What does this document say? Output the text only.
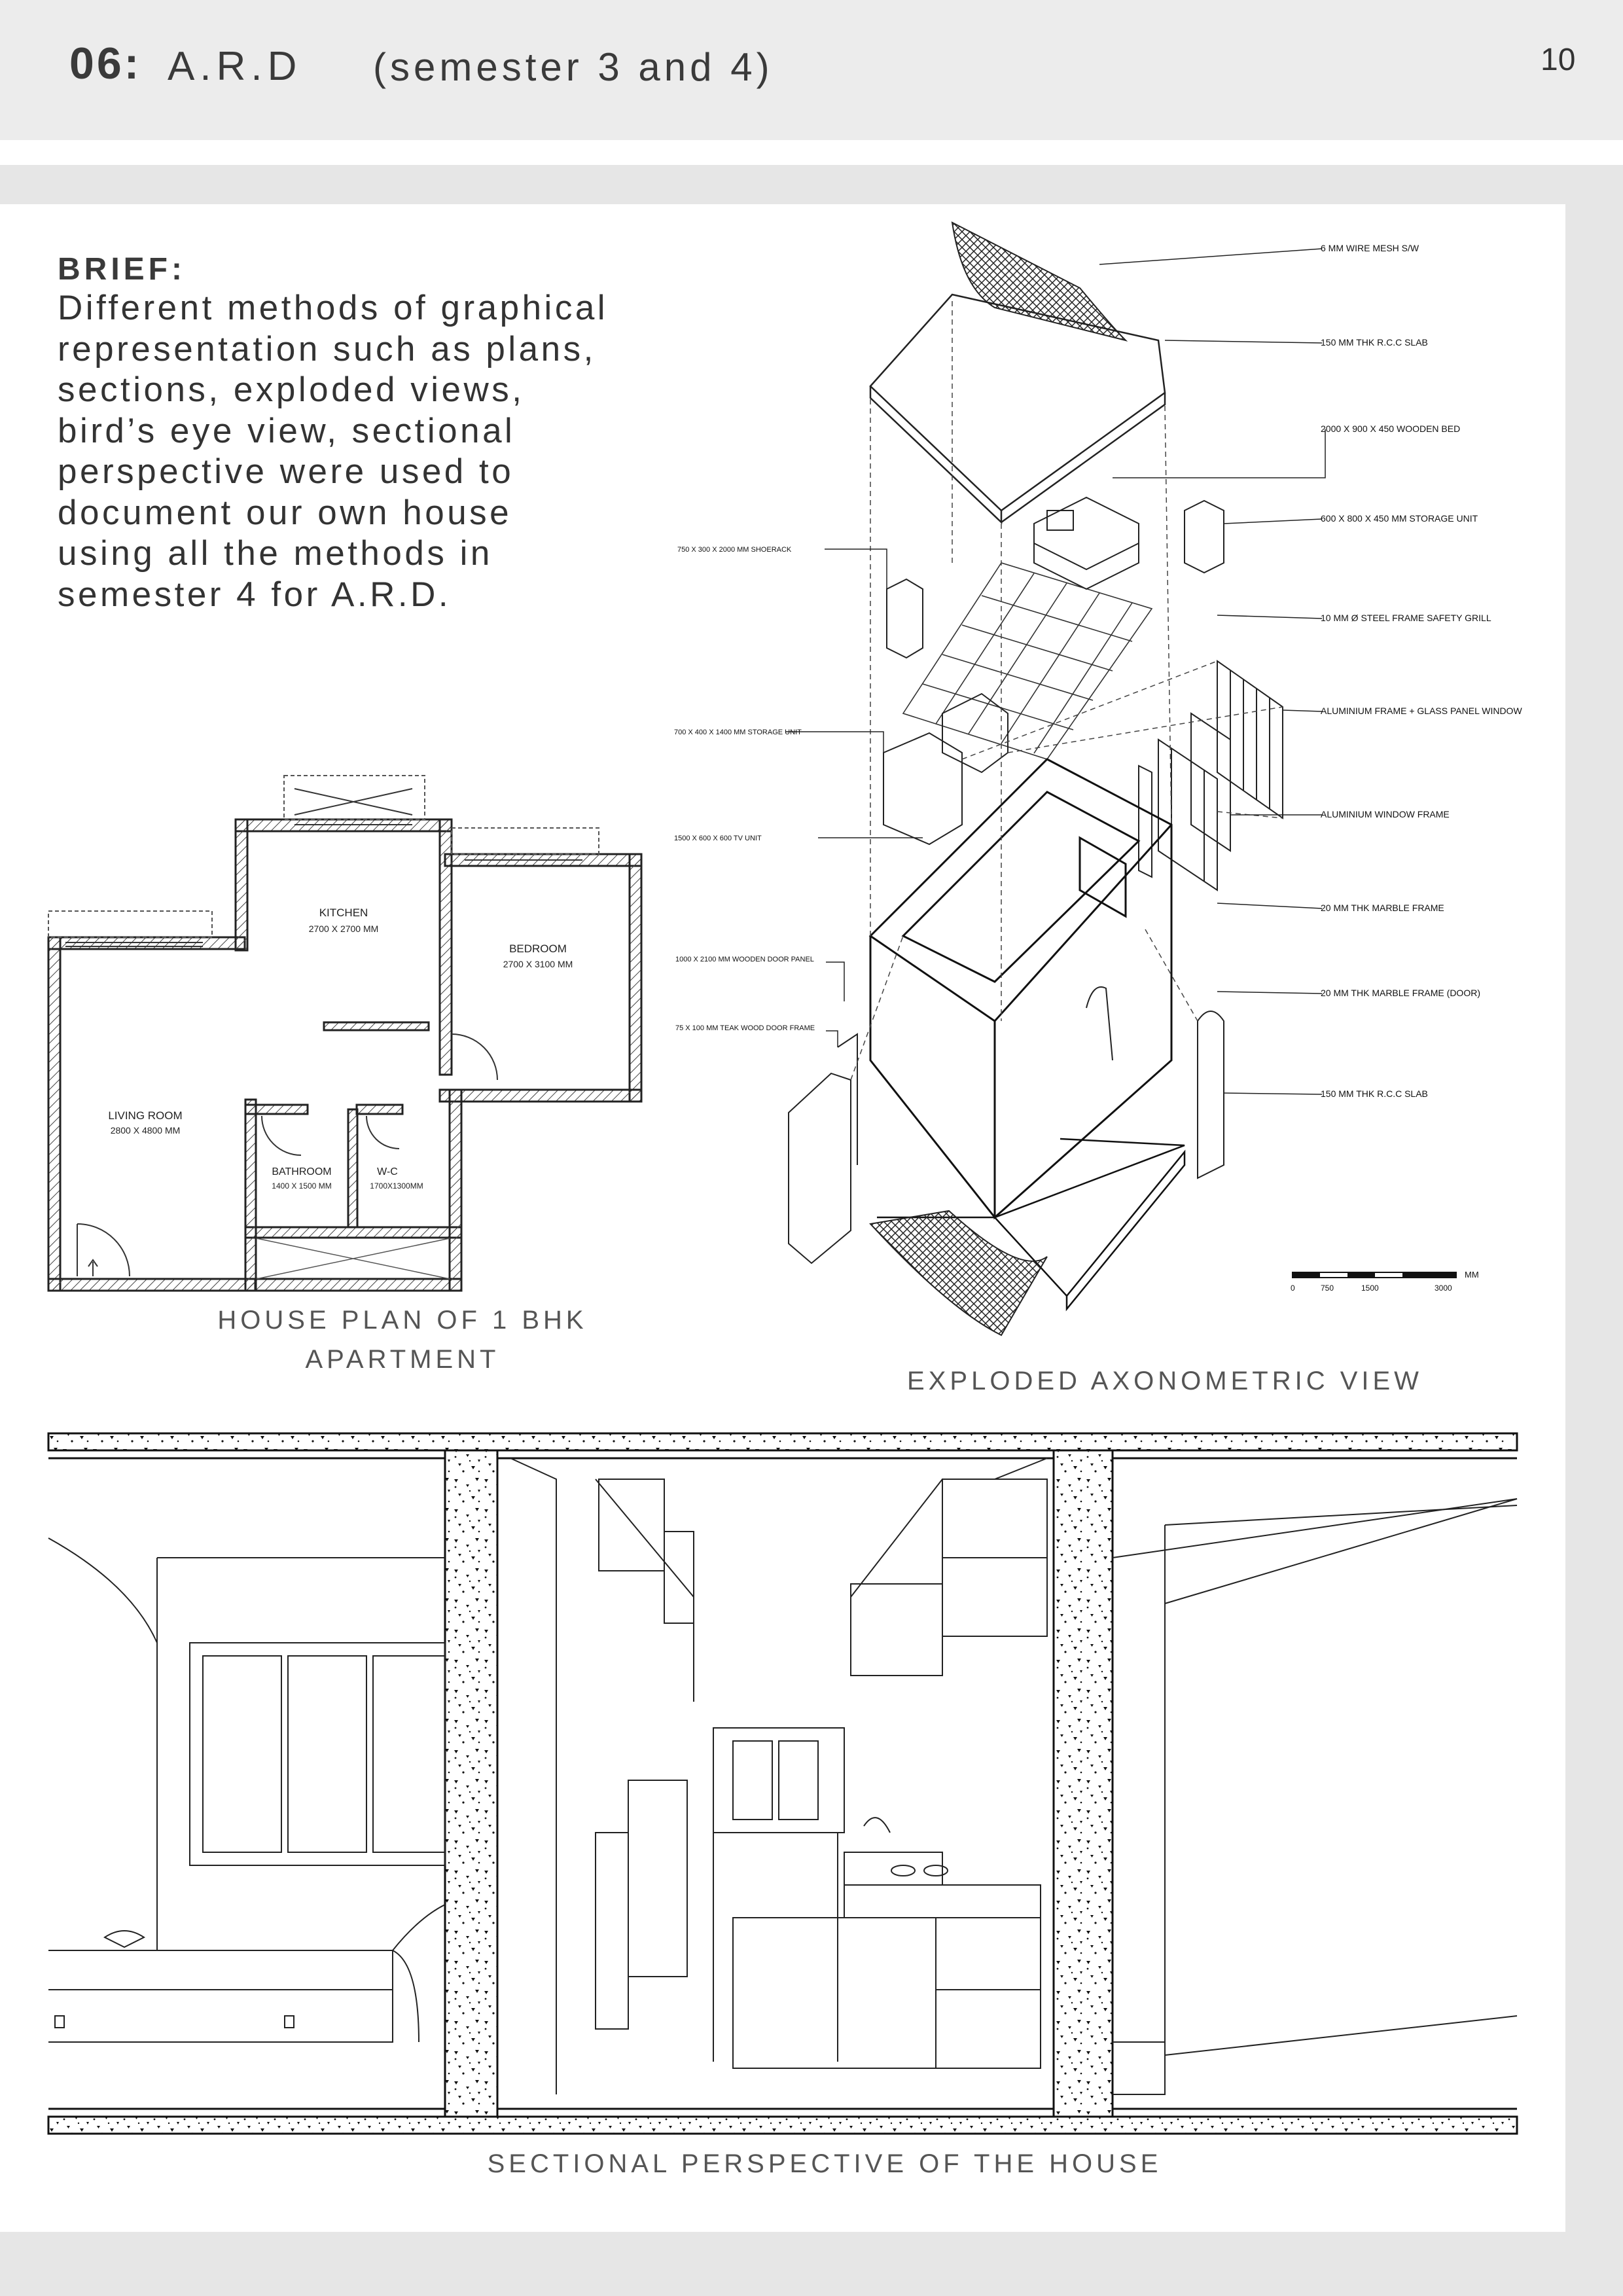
06: A.R.D (semester 3 and 4)	10
BRIEF:
Different methods of graphical representation such as plans, sections, exploded views, bird’s eye view, sectional perspective were used to document our own house using all the methods in semester 4 for A.R.D.
KITCHEN
2700 X 2700 MM
BEDROOM
2700 X 3100 MM
LIVING ROOM
2800 X 4800 MM
BATHROOM
1400 X 1500 MM
W-C
1700X1300MM
HOUSE PLAN OF 1 BHK
APARTMENT
6 MM WIRE MESH S/W
150 MM THK R.C.C SLAB
2000 X 900 X 450 WOODEN BED
600 X 800 X 450 MM STORAGE UNIT
10 MM Ø STEEL FRAME SAFETY GRILL
ALUMINIUM FRAME + GLASS PANEL WINDOW
ALUMINIUM WINDOW FRAME
20 MM THK MARBLE FRAME
20 MM THK MARBLE FRAME (DOOR)
150 MM THK R.C.C SLAB
750 X 300 X 2000 MM SHOERACK
700 X 400 X 1400 MM STORAGE UNIT
1500 X 600 X 600 TV UNIT
1000 X 2100 MM WOODEN DOOR PANEL
75 X 100 MM TEAK WOOD DOOR FRAME
MM
0	750	1500	3000
EXPLODED AXONOMETRIC VIEW
SECTIONAL PERSPECTIVE OF THE HOUSE
